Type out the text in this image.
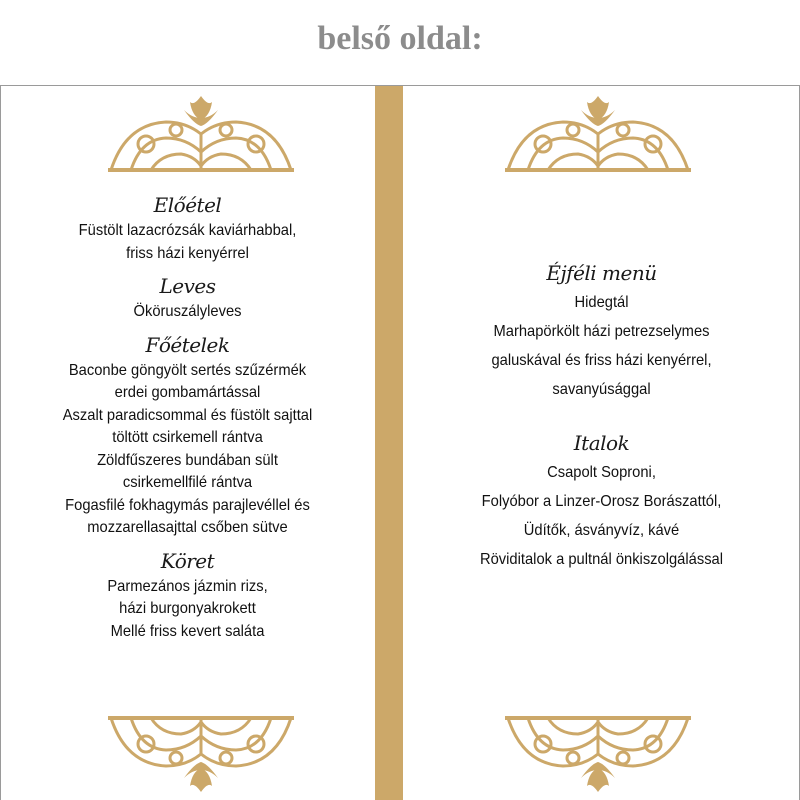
belső oldal:

Előétel

Füstölt lazacrózsák kaviárhabbal,

friss házi kenyérrel

Leves

Ököruszályleves

Főételek

Baconbe göngyölt sertés szűzérmék

erdei gombamártással

Aszalt paradicsommal és füstölt sajttal

töltött csirkemell rántva

Zöldfűszeres bundában sült

csirkemellfilé rántva

Fogasfilé fokhagymás parajlevéllel és

mozzarellasajttal csőben sütve

Köret

Parmezános jázmin rizs,

házi burgonyakrokett

Mellé friss kevert saláta

Éjféli menü

Hidegtál

Marhapörkölt házi petrezselymes

galuskával és friss házi kenyérrel,

savanyúsággal

Italok

Csapolt Soproni,

Folyóbor a Linzer-Orosz Borászattól,

Üdítők, ásványvíz, kávé

Röviditalok a pultnál önkiszolgálással
